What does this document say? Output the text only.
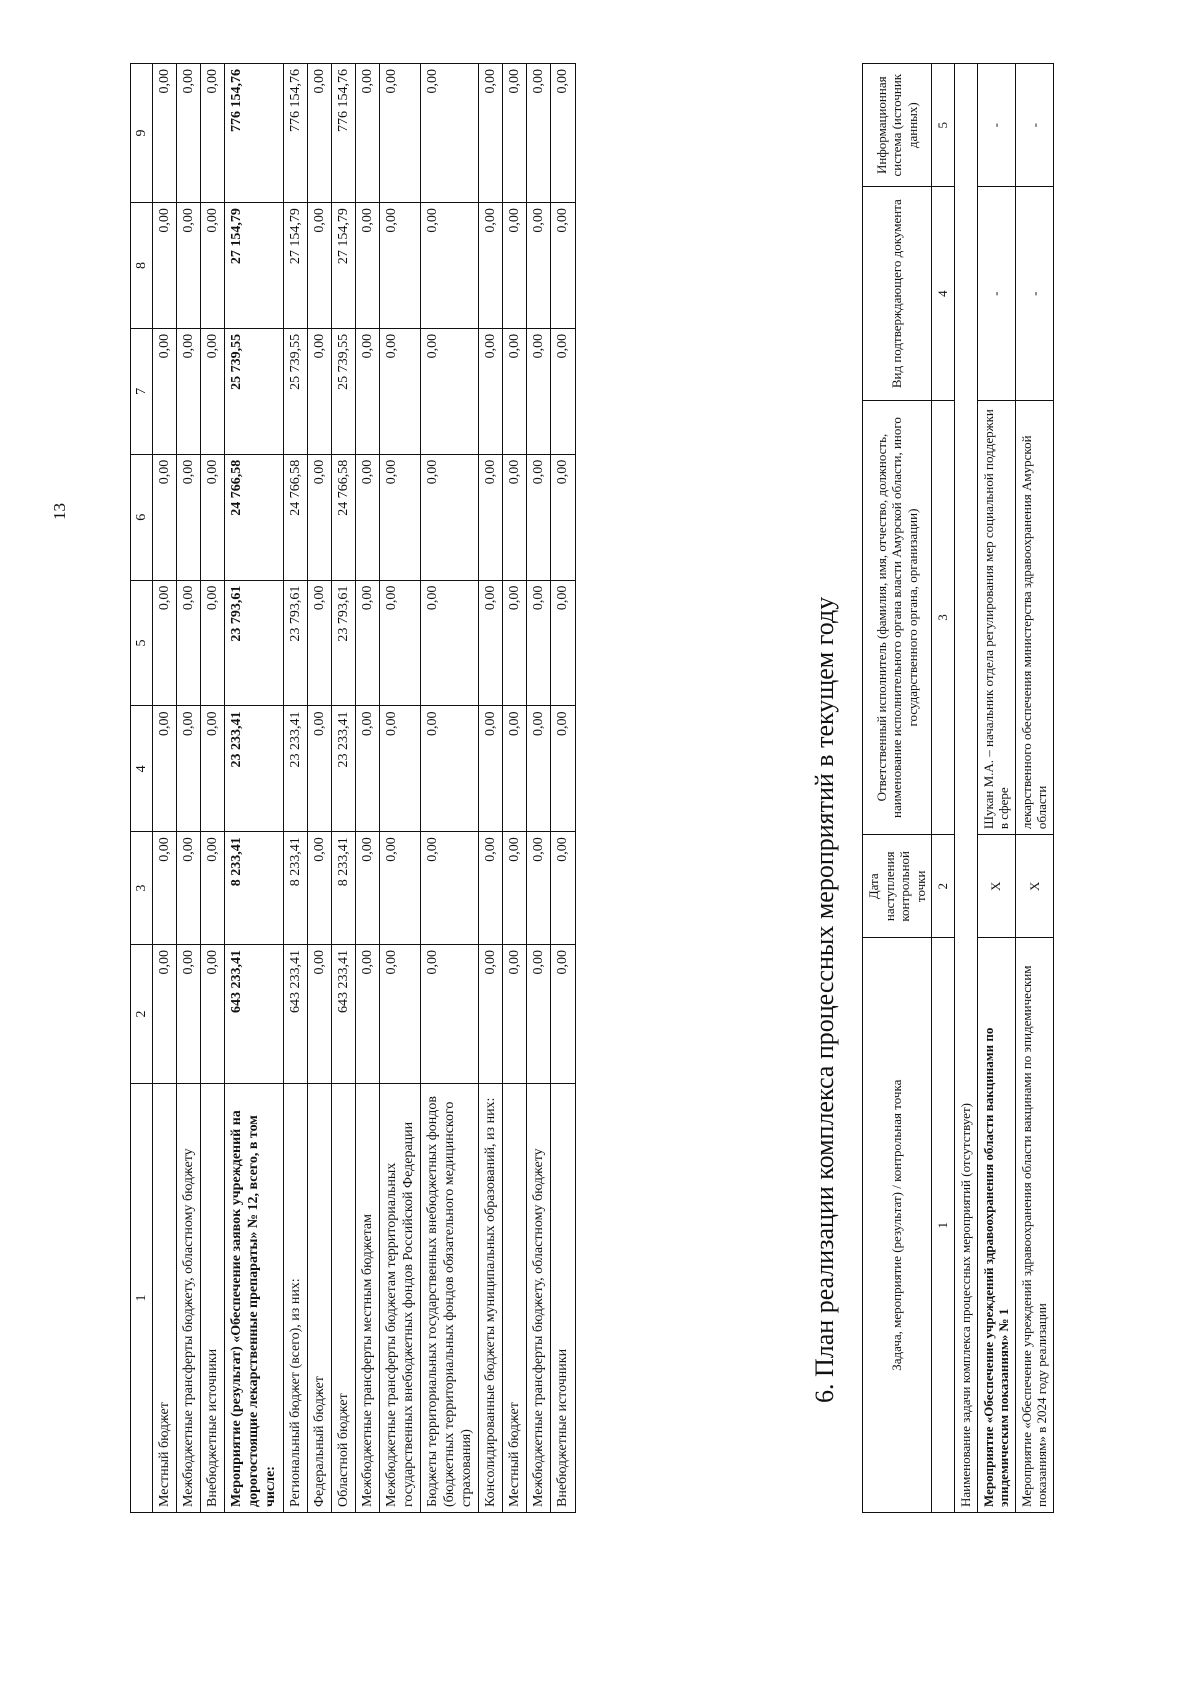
13
1	2	3	4	5	6	7	8	9
Местный бюджет	0,00	0,00	0,00	0,00	0,00	0,00	0,00	0,00
Межбюджетные трансферты бюджету, областному бюджету	0,00	0,00	0,00	0,00	0,00	0,00	0,00	0,00
Внебюджетные источники	0,00	0,00	0,00	0,00	0,00	0,00	0,00	0,00
Мероприятие (результат) «Обеспечение заявок учреждений на дорогостоящие лекарственные препараты» № 12, всего, в том числе:	643 233,41	8 233,41	23 233,41	23 793,61	24 766,58	25 739,55	27 154,79	776 154,76
Региональный бюджет (всего), из них:	643 233,41	8 233,41	23 233,41	23 793,61	24 766,58	25 739,55	27 154,79	776 154,76
Федеральный бюджет	0,00	0,00	0,00	0,00	0,00	0,00	0,00	0,00
Областной бюджет	643 233,41	8 233,41	23 233,41	23 793,61	24 766,58	25 739,55	27 154,79	776 154,76
Межбюджетные трансферты местным бюджетам	0,00	0,00	0,00	0,00	0,00	0,00	0,00	0,00
Межбюджетные трансферты бюджетам территориальных государственных внебюджетных фондов Российской Федерации	0,00	0,00	0,00	0,00	0,00	0,00	0,00	0,00
Бюджеты территориальных государственных внебюджетных фондов (бюджетных территориальных фондов обязательного медицинского страхования)	0,00	0,00	0,00	0,00	0,00	0,00	0,00	0,00
Консолидированные бюджеты муниципальных образований, из них:	0,00	0,00	0,00	0,00	0,00	0,00	0,00	0,00
Местный бюджет	0,00	0,00	0,00	0,00	0,00	0,00	0,00	0,00
Межбюджетные трансферты бюджету, областному бюджету	0,00	0,00	0,00	0,00	0,00	0,00	0,00	0,00
Внебюджетные источники	0,00	0,00	0,00	0,00	0,00	0,00	0,00	0,00
6. План реализации комплекса процессных мероприятий в текущем году	Задача, мероприятие (результат) / контрольная точка	Дата наступления контрольной точки	Ответственный исполнитель (фамилия, имя, отчество, должность, наименование исполнительного органа власти Амурской области, иного государственного органа, организации)	Вид подтверждающего документа	Информационная система (источник данных)
1	2	3	4	5
Наименование задачи комплекса процессных мероприятий (отсутствует)				
Мероприятие «Обеспечение учреждений здравоохранения области вакцинами по эпидемическим показаниям» № 1	X	Шукан М.А. – начальник отдела регулирования мер социальной поддержки в сфере	-	-
Мероприятие «Обеспечение учреждений здравоохранения области вакцинами по эпидемическим показаниям» в 2024 году реализации	X	лекарственного обеспечения министерства здравоохранения Амурской области	-	-
